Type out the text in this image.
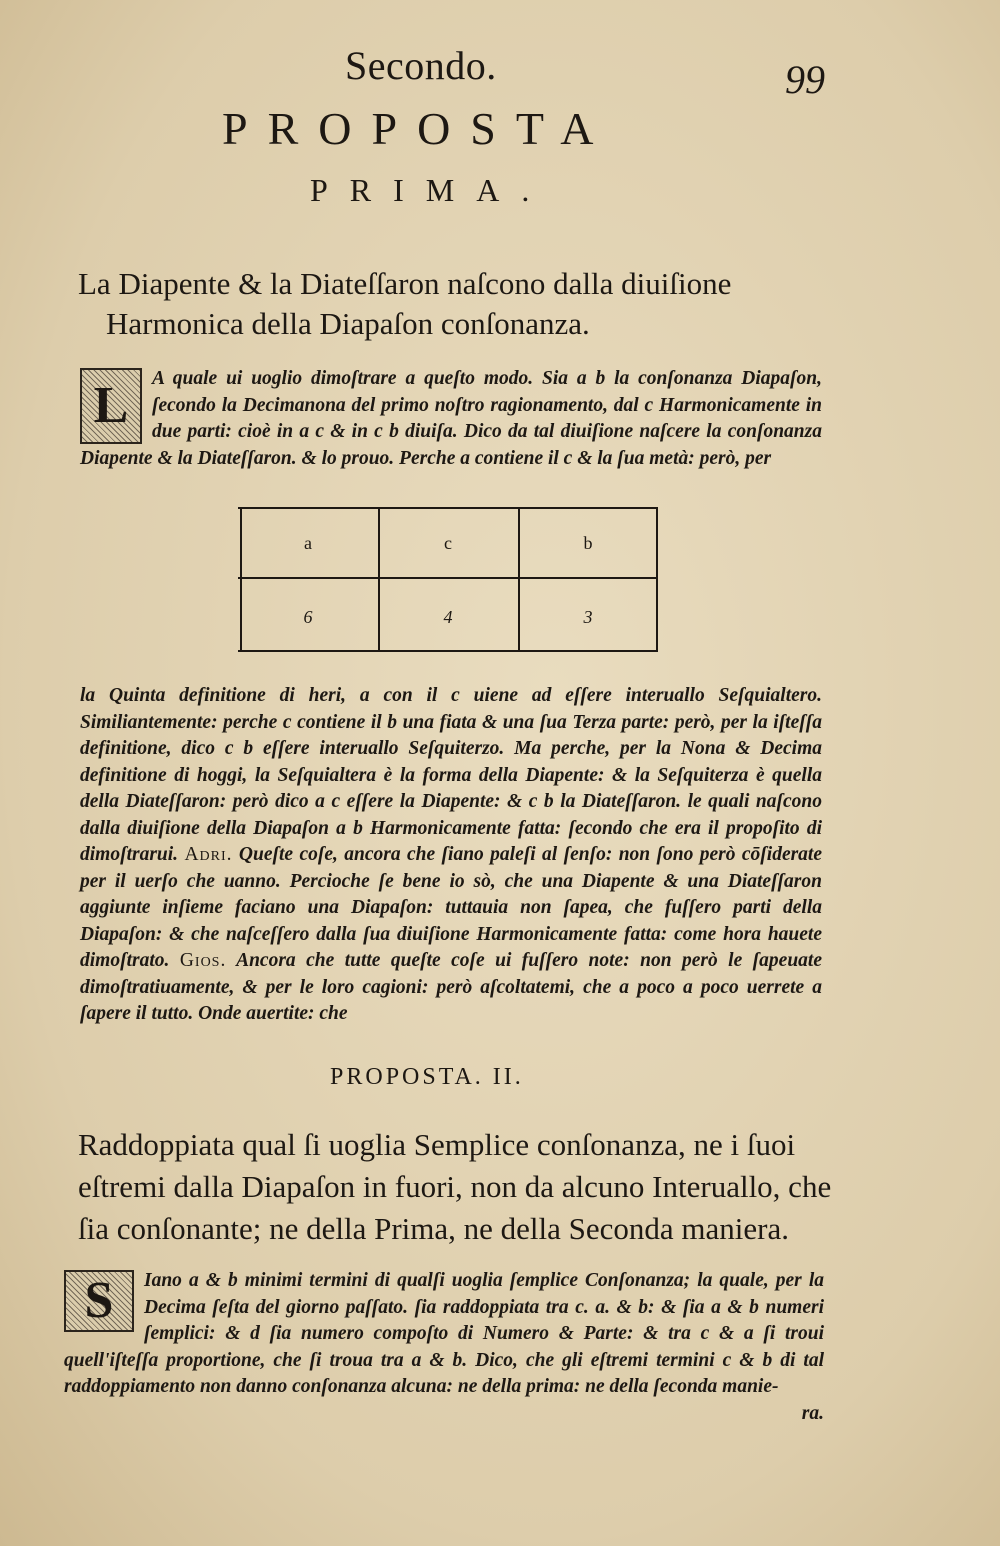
Secondo.	99
PROPOSTA
PRIMA.
La Diapente & la Diateſſaron naſcono dalla diuiſione Harmonica della Diapaſon conſonanza.
L	A quale ui uoglio dimoſtrare a queſto modo. Sia a b la conſonanza Diapaſon, ſecondo la Decimanona del primo noſtro ragionamento, dal c Harmonicamente in due parti: cioè in a c & in c b diuiſa. Dico da tal diuiſione naſcere la conſonanza Diapente & la Diateſſaron. & lo prouo. Perche a contiene il c & la ſua metà: però, per

a	c	b
6	4	3

la Quinta definitione di heri, a con il c uiene ad eſſere interuallo Seſquialtero. Similiantemente: perche c contiene il b una fiata & una ſua Terza parte: però, per la iſteſſa definitione, dico c b eſſere interuallo Seſquiterzo. Ma perche, per la Nona & Decima definitione di hoggi, la Seſquialtera è la forma della Diapente: & la Seſquiterza è quella della Diateſſaron: però dico a c eſſere la Diapente: & c b la Diateſſaron. le quali naſcono dalla diuiſione della Diapaſon a b Harmonicamente fatta: ſecondo che era il propoſito di dimoſtrarui. Adri. Queſte coſe, ancora che ſiano paleſi al ſenſo: non ſono però cōſiderate per il uerſo che uanno. Percioche ſe bene io sò, che una Diapente & una Diateſſaron aggiunte inſieme faciano una Diapaſon: tuttauia non ſapea, che fuſſero parti della Diapaſon: & che naſceſſero dalla ſua diuiſione Harmonicamente fatta: come hora hauete dimoſtrato. Gios. Ancora che tutte queſte coſe ui fuſſero note: non però le ſapeuate dimoſtratiuamente, & per le loro cagioni: però aſcoltatemi, che a poco a poco uerrete a ſapere il tutto. Onde auertite: che

PROPOSTA. II.
Raddoppiata qual ſi uoglia Semplice conſonanza, ne i ſuoi eſtremi dalla Diapaſon in fuori, non da alcuno Interuallo, che ſia conſonante; ne della Prima, ne della Seconda maniera.
S	Iano a & b minimi termini di qualſi uoglia ſemplice Conſonanza; la quale, per la Decima ſeſta del giorno paſſato. ſia raddoppiata tra c. a. & b: & ſia a & b numeri ſemplici: & d ſia numero compoſto di Numero & Parte: & tra c & a ſi troui quell'iſteſſa proportione, che ſi troua tra a & b. Dico, che gli eſtremi termini c & b di tal raddoppiamento non danno conſonanza alcuna: ne della prima: ne della ſeconda manie-

ra.
